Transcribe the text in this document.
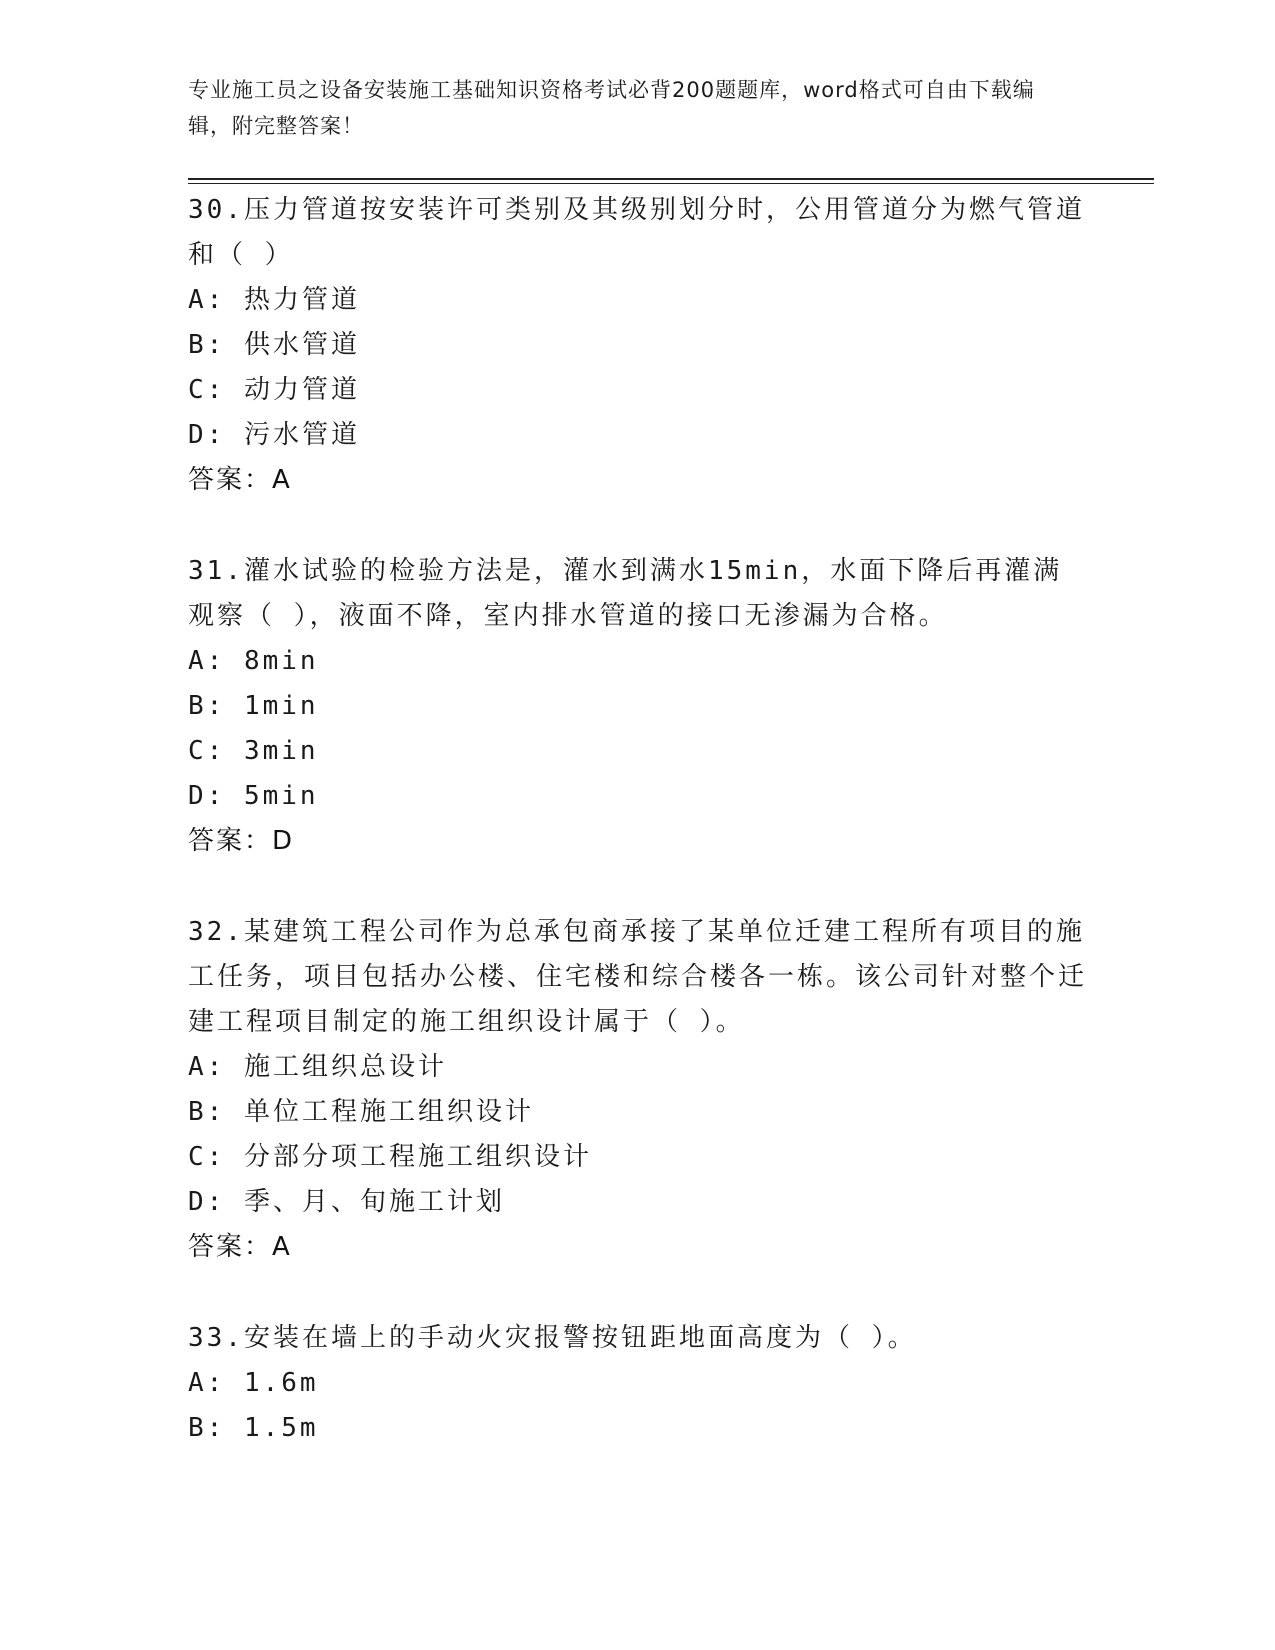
专业施工员之设备安装施工基础知识资格考试必背200题题库，word格式可自由下载编辑，附完整答案！
30.压力管道按安装许可类别及其级别划分时，公用管道分为燃气管道和（ ）
A: 热力管道
B: 供水管道
C: 动力管道
D: 污水管道
答案：A
31.灌水试验的检验方法是，灌水到满水15min，水面下降后再灌满观察（ ），液面不降，室内排水管道的接口无渗漏为合格。
A: 8min
B: 1min
C: 3min
D: 5min
答案：D
32.某建筑工程公司作为总承包商承接了某单位迁建工程所有项目的施工任务，项目包括办公楼、住宅楼和综合楼各一栋。该公司针对整个迁建工程项目制定的施工组织设计属于（ ）。
A: 施工组织总设计
B: 单位工程施工组织设计
C: 分部分项工程施工组织设计
D: 季、月、旬施工计划
答案：A
33.安装在墙上的手动火灾报警按钮距地面高度为（ ）。
A: 1.6m
B: 1.5m
